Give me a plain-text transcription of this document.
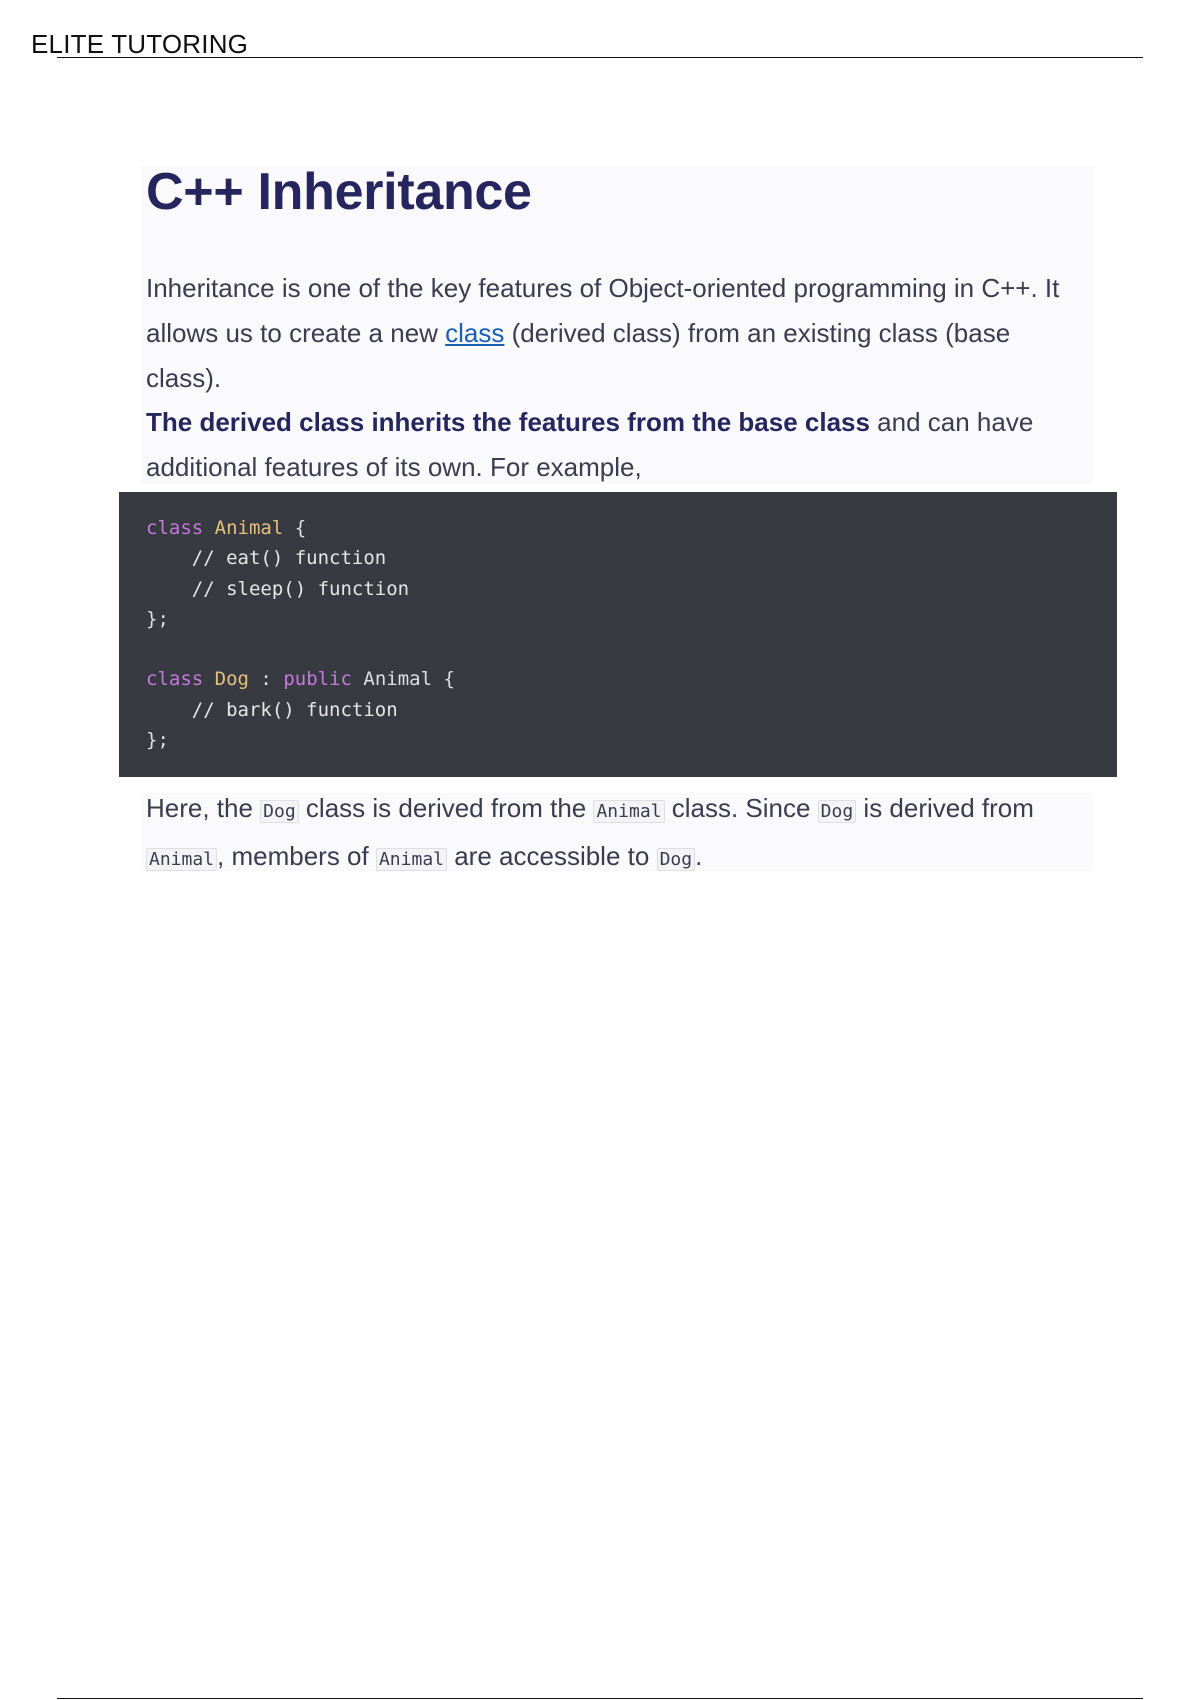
ELITE TUTORING
C++ Inheritance

Inheritance is one of the key features of Object-oriented programming in C++. It allows us to create a new class (derived class) from an existing class (base class).

The derived class inherits the features from the base class and can have additional features of its own. For example,

class Animal {
// eat() function
// sleep() function
};

class Dog : public Animal {
// bark() function
};

Here, the Dog class is derived from the Animal class. Since Dog is derived from Animal , members of Animal are accessible to Dog .
